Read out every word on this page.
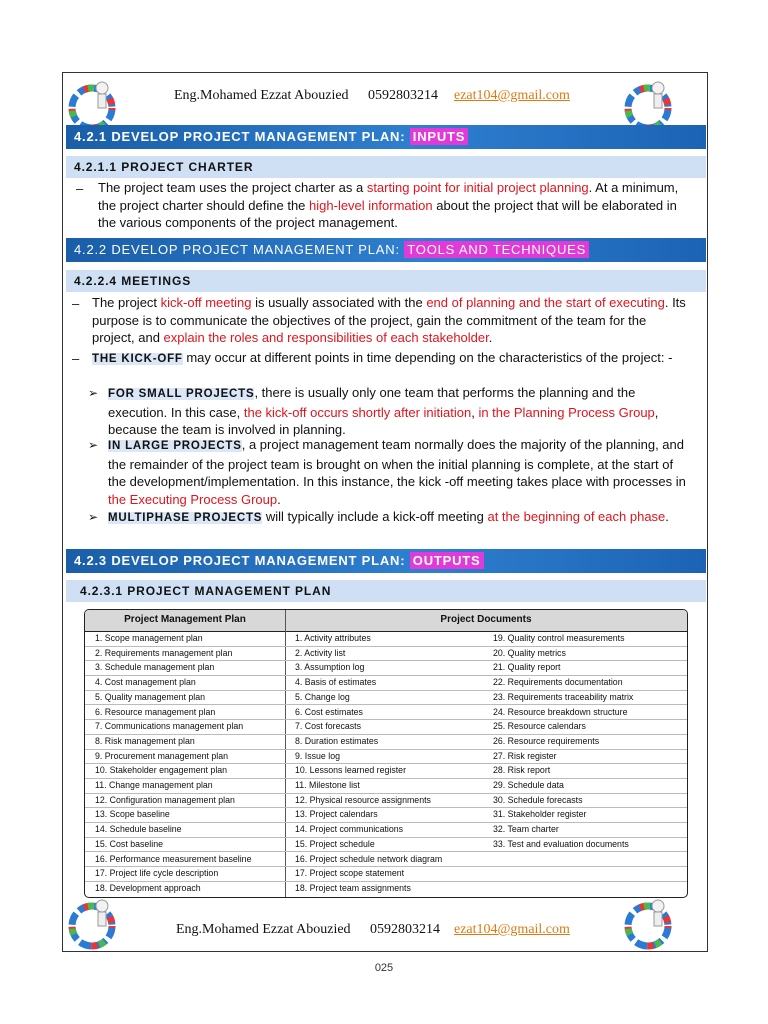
Eng.Mohamed Ezzat Abouzied 0592803214 ezat104@gmail.com
4.2.1 DEVELOP PROJECT MANAGEMENT PLAN: INPUTS
4.2.1.1 PROJECT CHARTER
– The project team uses the project charter as a starting point for initial project planning. At a minimum, the project charter should define the high-level information about the project that will be elaborated in the various components of the project management.
4.2.2 DEVELOP PROJECT MANAGEMENT PLAN: TOOLS AND TECHNIQUES
4.2.2.4 MEETINGS
– The project kick-off meeting is usually associated with the end of planning and the start of executing. Its purpose is to communicate the objectives of the project, gain the commitment of the team for the project, and explain the roles and responsibilities of each stakeholder.
– THE KICK-OFF may occur at different points in time depending on the characteristics of the project: -
➢ FOR SMALL PROJECTS, there is usually only one team that performs the planning and the execution. In this case, the kick-off occurs shortly after initiation, in the Planning Process Group, because the team is involved in planning.
➢ IN LARGE PROJECTS, a project management team normally does the majority of the planning, and the remainder of the project team is brought on when the initial planning is complete, at the start of the development/implementation. In this instance, the kick -off meeting takes place with processes in the Executing Process Group.
➢ MULTIPHASE PROJECTS will typically include a kick-off meeting at the beginning of each phase.
4.2.3 DEVELOP PROJECT MANAGEMENT PLAN: OUTPUTS
4.2.3.1 PROJECT MANAGEMENT PLAN
Project Management Plan	Project Documents
1. Scope management plan	1. Activity attributes	19. Quality control measurements
2. Requirements management plan	2. Activity list	20. Quality metrics
3. Schedule management plan	3. Assumption log	21. Quality report
4. Cost management plan	4. Basis of estimates	22. Requirements documentation
5. Quality management plan	5. Change log	23. Requirements traceability matrix
6. Resource management plan	6. Cost estimates	24. Resource breakdown structure
7. Communications management plan	7. Cost forecasts	25. Resource calendars
8. Risk management plan	8. Duration estimates	26. Resource requirements
9. Procurement management plan	9. Issue log	27. Risk register
10. Stakeholder engagement plan	10. Lessons learned register	28. Risk report
11. Change management plan	11. Milestone list	29. Schedule data
12. Configuration management plan	12. Physical resource assignments	30. Schedule forecasts
13. Scope baseline	13. Project calendars	31. Stakeholder register
14. Schedule baseline	14. Project communications	32. Team charter
15. Cost baseline	15. Project schedule	33. Test and evaluation documents
16. Performance measurement baseline	16. Project schedule network diagram
17. Project life cycle description	17. Project scope statement
18. Development approach	18. Project team assignments
Eng.Mohamed Ezzat Abouzied 0592803214 ezat104@gmail.com
025
